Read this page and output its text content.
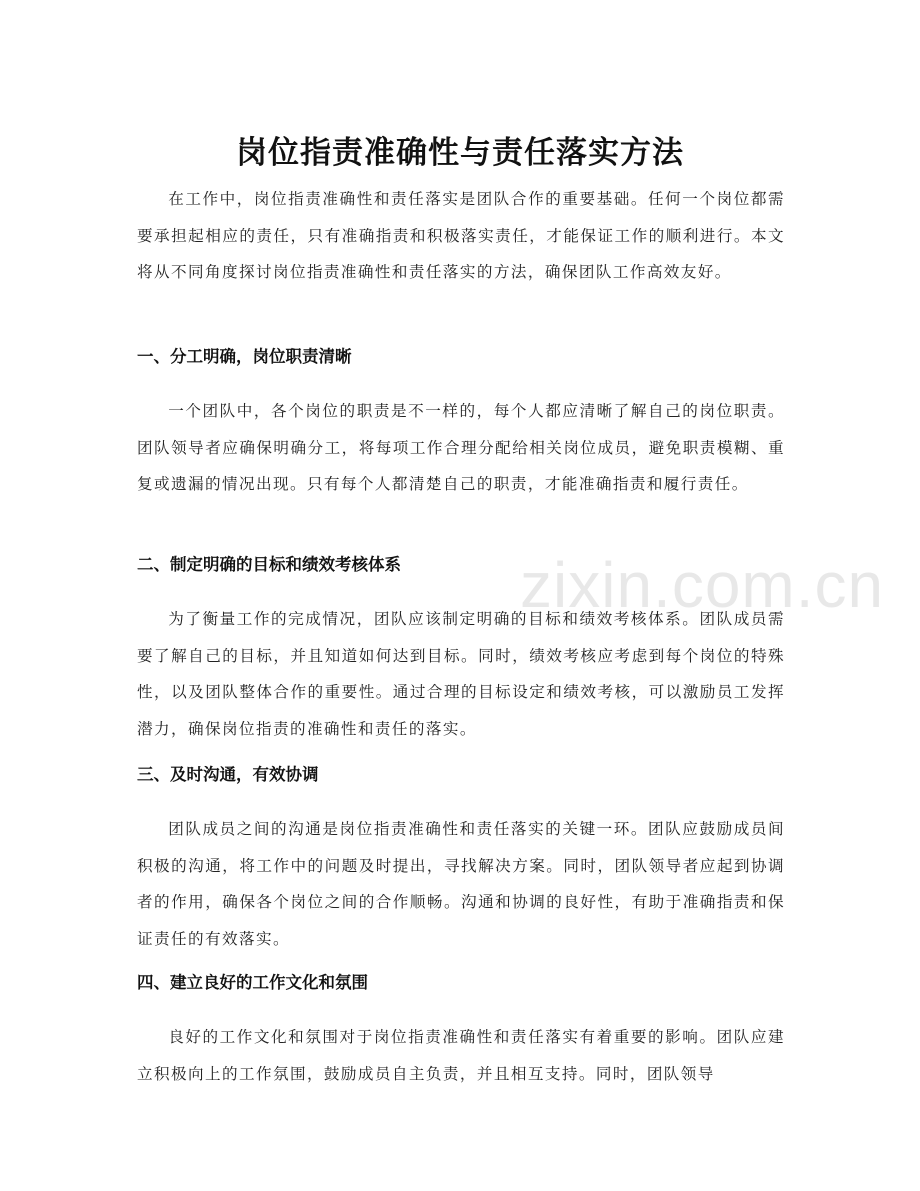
岗位指责准确性与责任落实方法

在工作中，岗位指责准确性和责任落实是团队合作的重要基础。任何一个岗位都需要承担起相应的责任，只有准确指责和积极落实责任，才能保证工作的顺利进行。本文将从不同角度探讨岗位指责准确性和责任落实的方法，确保团队工作高效友好。

一、分工明确，岗位职责清晰

一个团队中，各个岗位的职责是不一样的，每个人都应清晰了解自己的岗位职责。团队领导者应确保明确分工，将每项工作合理分配给相关岗位成员，避免职责模糊、重复或遗漏的情况出现。只有每个人都清楚自己的职责，才能准确指责和履行责任。

二、制定明确的目标和绩效考核体系

为了衡量工作的完成情况，团队应该制定明确的目标和绩效考核体系。团队成员需要了解自己的目标，并且知道如何达到目标。同时，绩效考核应考虑到每个岗位的特殊性，以及团队整体合作的重要性。通过合理的目标设定和绩效考核，可以激励员工发挥潜力，确保岗位指责的准确性和责任的落实。

三、及时沟通，有效协调

团队成员之间的沟通是岗位指责准确性和责任落实的关键一环。团队应鼓励成员间积极的沟通，将工作中的问题及时提出，寻找解决方案。同时，团队领导者应起到协调者的作用，确保各个岗位之间的合作顺畅。沟通和协调的良好性，有助于准确指责和保证责任的有效落实。

四、建立良好的工作文化和氛围

良好的工作文化和氛围对于岗位指责准确性和责任落实有着重要的影响。团队应建立积极向上的工作氛围，鼓励成员自主负责，并且相互支持。同时，团队领导

zixin.com.cn
